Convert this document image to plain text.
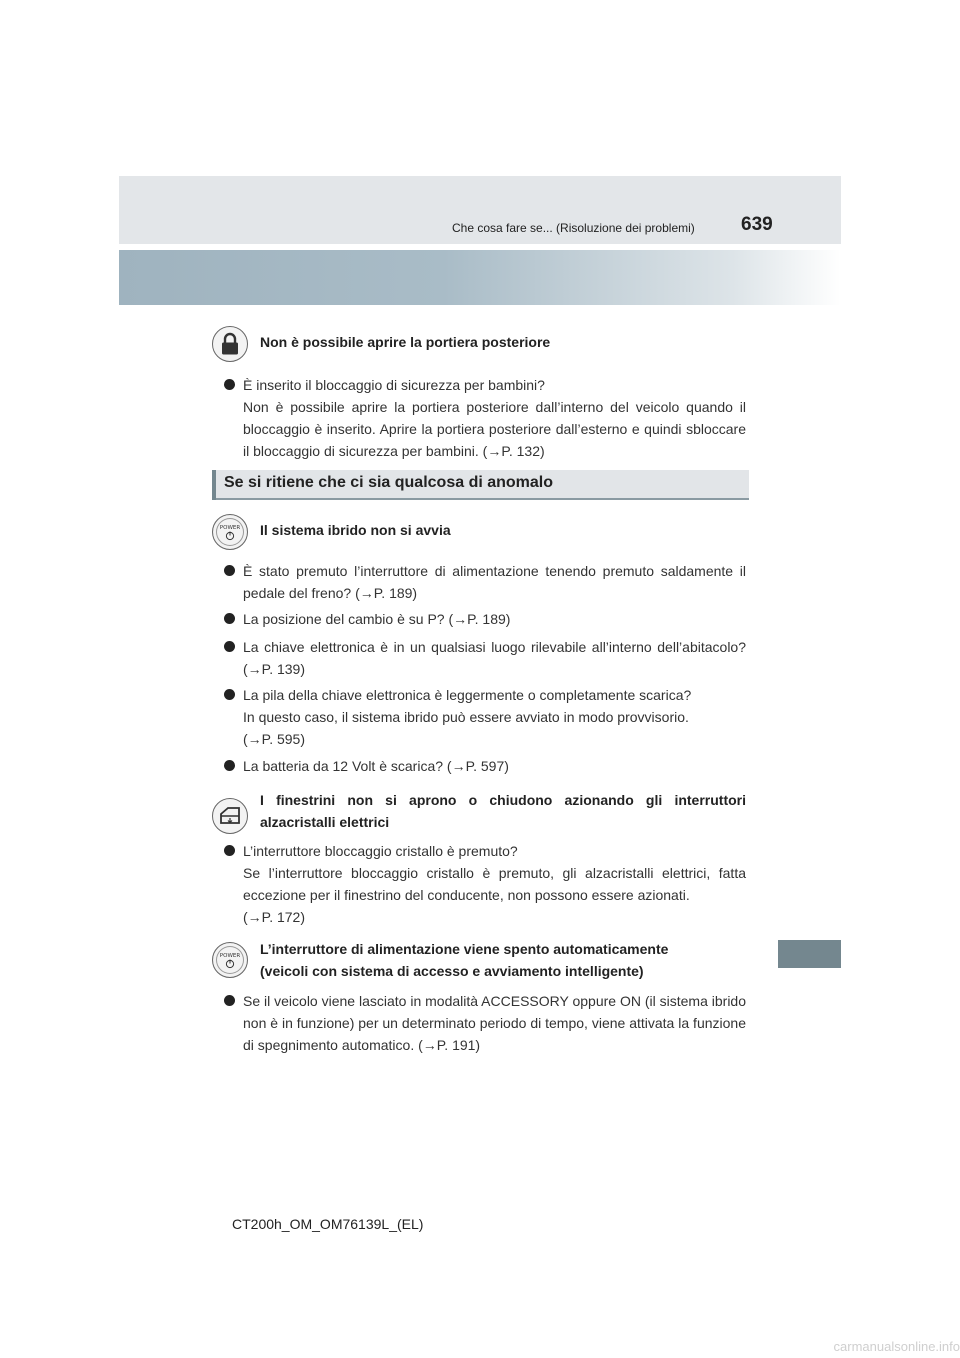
Che cosa fare se... (Risoluzione dei problemi) 639
Non è possibile aprire la portiera posteriore
È inserito il bloccaggio di sicurezza per bambini?
Non è possibile aprire la portiera posteriore dall’interno del veicolo quando il bloccaggio è inserito. Aprire la portiera posteriore dall’esterno e quindi sbloccare il bloccaggio di sicurezza per bambini. (→P. 132)
Se si ritiene che ci sia qualcosa di anomalo
POWER Il sistema ibrido non si avvia
È stato premuto l’interruttore di alimentazione tenendo premuto saldamente il pedale del freno? (→P. 189)
La posizione del cambio è su P? (→P. 189)
La chiave elettronica è in un qualsiasi luogo rilevabile all’interno dell’abitacolo? (→P. 139)
La pila della chiave elettronica è leggermente o completamente scarica?
In questo caso, il sistema ibrido può essere avviato in modo provvisorio.
(→P. 595)
La batteria da 12 Volt è scarica? (→P. 597)
I finestrini non si aprono o chiudono azionando gli interruttori alzacristalli elettrici
L’interruttore bloccaggio cristallo è premuto?
Se l’interruttore bloccaggio cristallo è premuto, gli alzacristalli elettrici, fatta eccezione per il finestrino del conducente, non possono essere azionati.
(→P. 172)
POWER L’interruttore di alimentazione viene spento automaticamente
(veicoli con sistema di accesso e avviamento intelligente)
Se il veicolo viene lasciato in modalità ACCESSORY oppure ON (il sistema ibrido non è in funzione) per un determinato periodo di tempo, viene attivata la funzione di spegnimento automatico. (→P. 191)
CT200h_OM_OM76139L_(EL)
carmanualsonline.info
